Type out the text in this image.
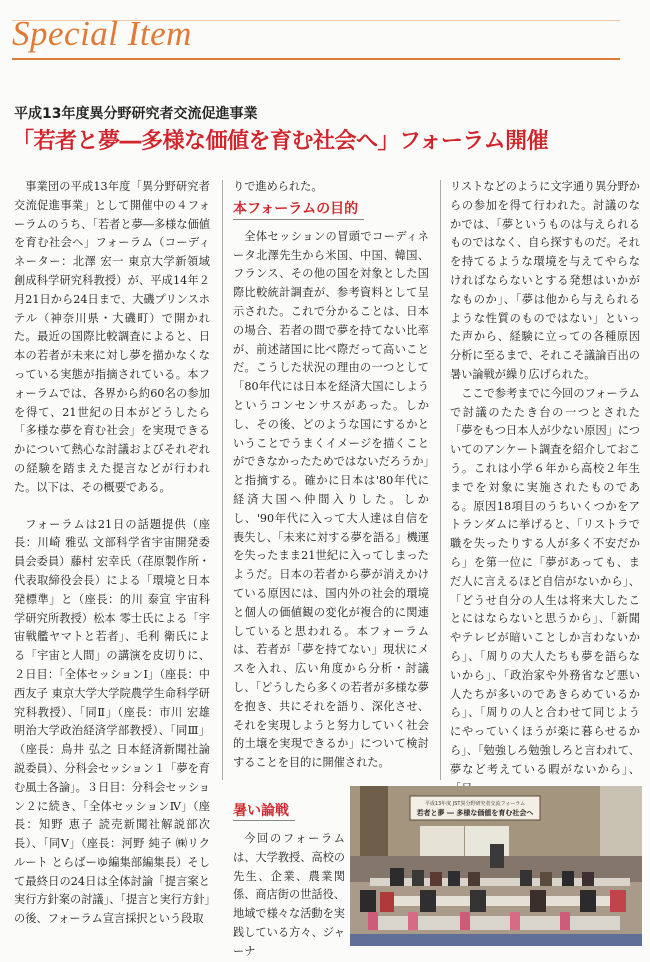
Special Item
平成13年度異分野研究者交流促進事業
「若者と夢―多様な価値を育む社会へ」フォーラム開催

事業団の平成13年度「異分野研究者交流促進事業」として開催中の４フォーラムのうち、「若者と夢―多様な価値を育む社会へ」フォーラム（コーディネーター：北澤 宏一 東京大学新領域創成科学研究科教授）が、平成14年２月21日から24日まで、大磯プリンスホテル（神奈川県・大磯町）で開かれた。最近の国際比較調査によると、日本の若者が未来に対し夢を描かなくなっている実態が指摘されている。本フォーラムでは、各界から約60名の参加を得て、21世紀の日本がどうしたら「多様な夢を育む社会」を実現できるかについて熱心な討議およびそれぞれの経験を踏まえた提言などが行われた。以下は、その概要である。

フォーラムは21日の話題提供（座長：川崎 雅弘 文部科学省宇宙開発委員会委員）藤村 宏幸氏（荏原製作所・代表取締役会長）による「環境と日本発標準」と（座長：的川 泰宣 宇宙科学研究所教授）松本 零士氏による「宇宙戦艦ヤマトと若者」、毛利 衛氏による「宇宙と人間」の講演を皮切りに、２日目：「全体セッションⅠ」（座長：中西友子 東京大学大学院農学生命科学研究科教授）、「同Ⅱ」（座長：市川 宏雄 明治大学政治経済学部教授）、「同Ⅲ」（座長：鳥井 弘之 日本経済新聞社論説委員）、分科会セッション１「夢を育む風土各論」。３日目：分科会セッション２に続き、「全体セッションⅣ」（座長：知野 恵子 読売新聞社解説部次長）、「同Ⅴ」（座長：河野 純子 ㈱リクルート とらばーゆ編集部編集長）そして最終日の24日は全体討論「提言案と実行方針案の討議」、「提言と実行方針」の後、フォーラム宣言採択という段取

りで進められた。

本フォーラムの目的

全体セッションの冒頭でコーディネータ北澤先生から米国、中国、韓国、フランス、その他の国を対象とした国際比較統計調査が、参考資料として呈示された。これで分かることは、日本の場合、若者の間で夢を持てない比率が、前述諸国に比べ際だって高いことだ。こうした状況の理由の一つとして「80年代には日本を経済大国にしようというコンセンサスがあった。しかし、その後、どのような国にするかということでうまくイメージを描くことができなかったためではないだろうか」と指摘する。確かに日本は'80年代に経済大国へ仲間入りした。しかし、'90年代に入って大人達は自信を喪失し、「未来に対する夢を語る」機運を失ったまま21世紀に入ってしまったようだ。日本の若者から夢が消えかけている原因には、国内外の社会的環境と個人の価値観の変化が複合的に関連していると思われる。本フォーラムは、若者が「夢を持てない」現状にメスを入れ、広い角度から分析・討議し、「どうしたら多くの若者が多様な夢を抱き、共にそれを語り、深化させ、それを実現しようと努力していく社会的土壌を実現できるか」について検討することを目的に開催された。

リストなどのように文字通り異分野からの参加を得て行われた。討議のなかでは、「夢というものは与えられるものではなく、自ら探すものだ。それを持てるような環境を与えてやらなければならないとする発想はいかがなものか」、「夢は他から与えられるような性質のものではない」といった声から、経験に立っての各種原因分析に至るまで、それこそ議論百出の暑い論戦が繰り広げられた。

ここで参考までに今回のフォーラムで討議のたたき台の一つとされた「夢をもつ日本人が少ない原因」についてのアンケート調査を紹介しておこう。これは小学６年から高校２年生までを対象に実施されたものである。原因18項目のうちいくつかをアトランダムに挙げると、「リストラで職を失ったりする人が多く不安だから」を第一位に「夢があっても、まだ人に言えるほど自信がないから」、「どうせ自分の人生は将来大したことにはならないと思うから」、「新聞やテレビが暗いことしか言わないから」、「周りの大人たちも夢を語らないから」、「政治家や外務省など悪い人たちが多いのであきらめているから」、「周りの人と合わせて同じようにやっていくほうが楽に暮らせるから」、「勉強しろ勉強しろと言われて、夢など考えている暇がないから」、

暑い論戦

今回のフォーラムは、大学教授、高校の先生、企業、農業関係、商店街の世話役、地域で様々な活動を実践している方々、ジャーナ

平成13年度 JST異分野研究者交流フォーラム
若者と夢 ― 多様な価値を育む社会へ
